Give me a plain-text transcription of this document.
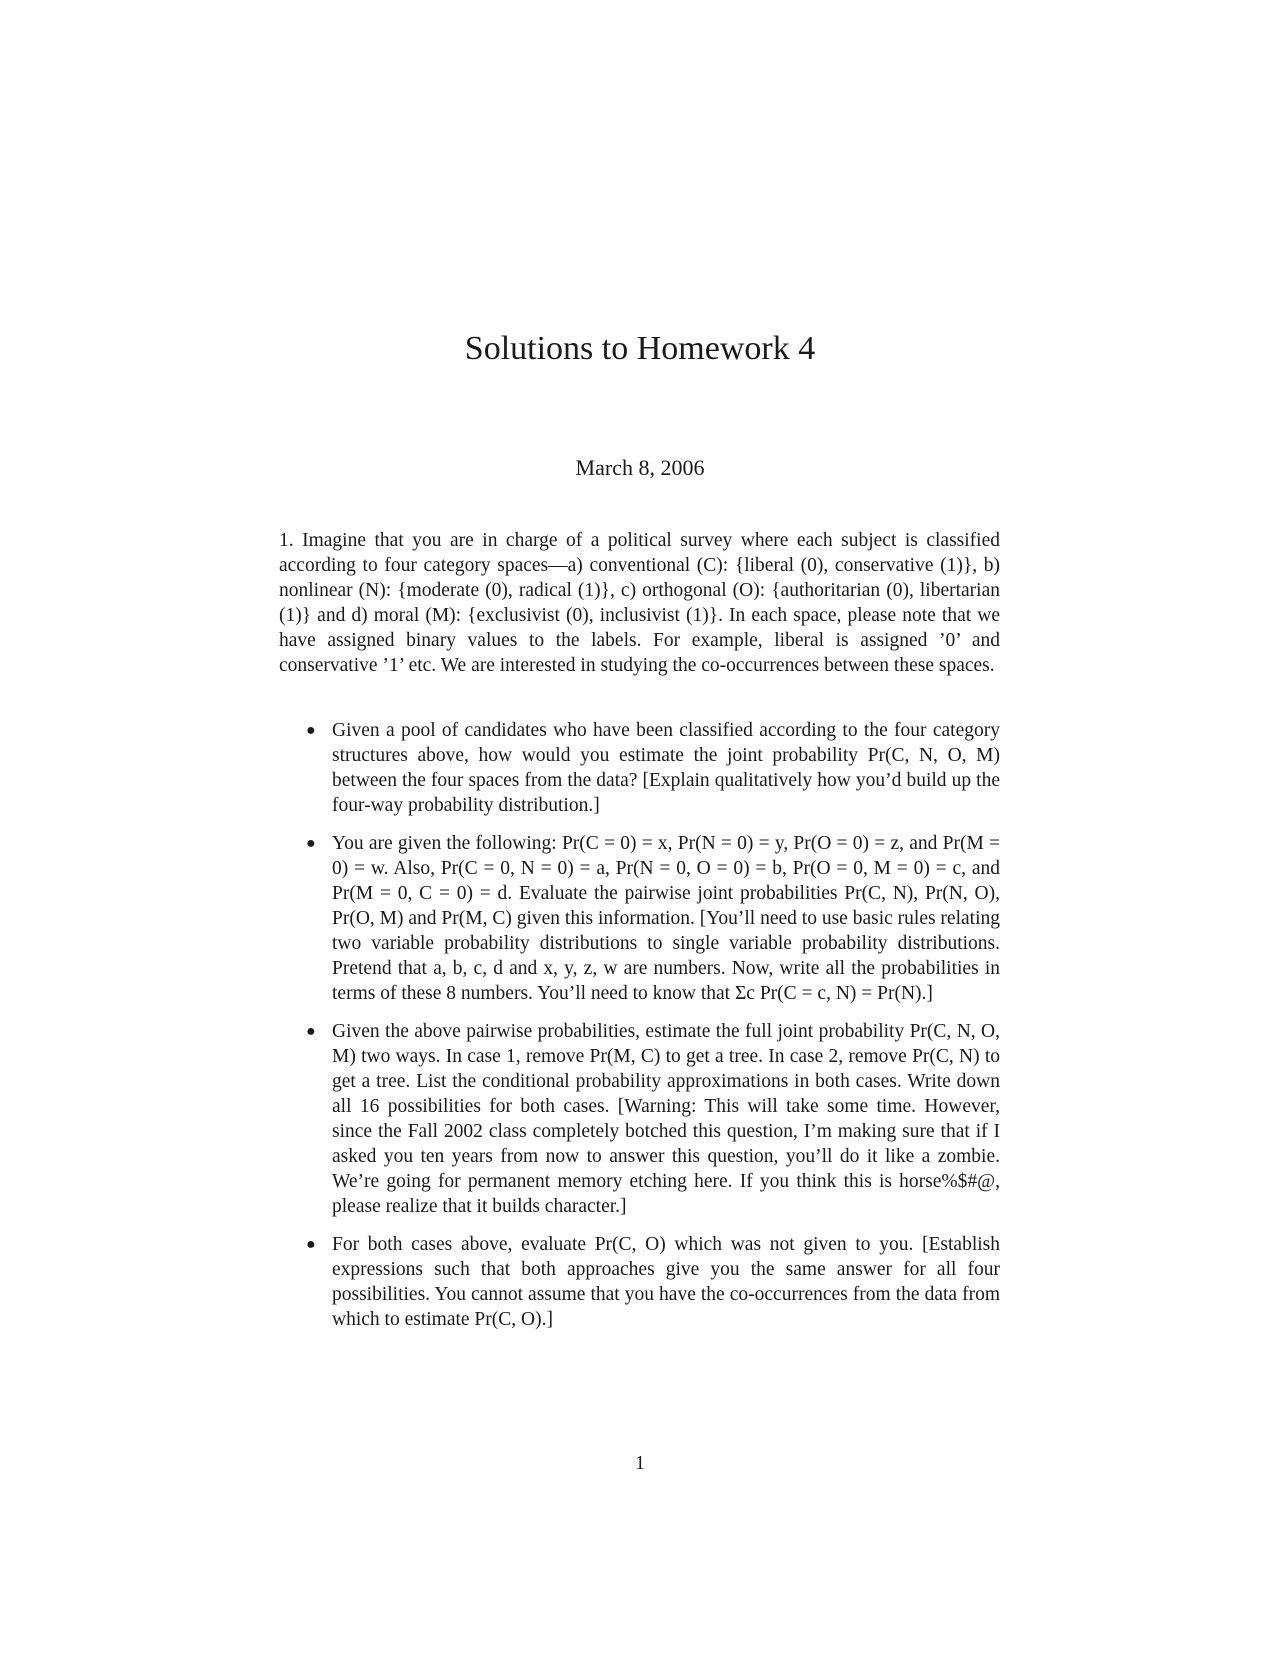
Solutions to Homework 4
March 8, 2006

1. Imagine that you are in charge of a political survey where each subject is classified according to four category spaces—a) conventional (C): {liberal (0), conservative (1)}, b) nonlinear (N): {moderate (0), radical (1)}, c) orthogonal (O): {authoritarian (0), libertarian (1)} and d) moral (M): {exclusivist (0), inclusivist (1)}. In each space, please note that we have assigned binary values to the labels. For example, liberal is assigned ’0’ and conservative ’1’ etc. We are interested in studying the co-occurrences between these spaces.

● Given a pool of candidates who have been classified according to the four category structures above, how would you estimate the joint probability Pr(C, N, O, M) between the four spaces from the data? [Explain qualitatively how you’d build up the four-way probability distribution.]
● You are given the following: Pr(C = 0) = x, Pr(N = 0) = y, Pr(O = 0) = z, and Pr(M = 0) = w. Also, Pr(C = 0, N = 0) = a, Pr(N = 0, O = 0) = b, Pr(O = 0, M = 0) = c, and Pr(M = 0, C = 0) = d. Evaluate the pairwise joint probabilities Pr(C, N), Pr(N, O), Pr(O, M) and Pr(M, C) given this information. [You’ll need to use basic rules relating two variable probability distributions to single variable probability distributions. Pretend that a, b, c, d and x, y, z, w are numbers. Now, write all the probabilities in terms of these 8 numbers. You’ll need to know that Σc Pr(C = c, N) = Pr(N).]
● Given the above pairwise probabilities, estimate the full joint probability Pr(C, N, O, M) two ways. In case 1, remove Pr(M, C) to get a tree. In case 2, remove Pr(C, N) to get a tree. List the conditional probability approximations in both cases. Write down all 16 possibilities for both cases. [Warning: This will take some time. However, since the Fall 2002 class completely botched this question, I’m making sure that if I asked you ten years from now to answer this question, you’ll do it like a zombie. We’re going for permanent memory etching here. If you think this is horse%$#@, please realize that it builds character.]
● For both cases above, evaluate Pr(C, O) which was not given to you. [Establish expressions such that both approaches give you the same answer for all four possibilities. You cannot assume that you have the co-occurrences from the data from which to estimate Pr(C, O).]
1
